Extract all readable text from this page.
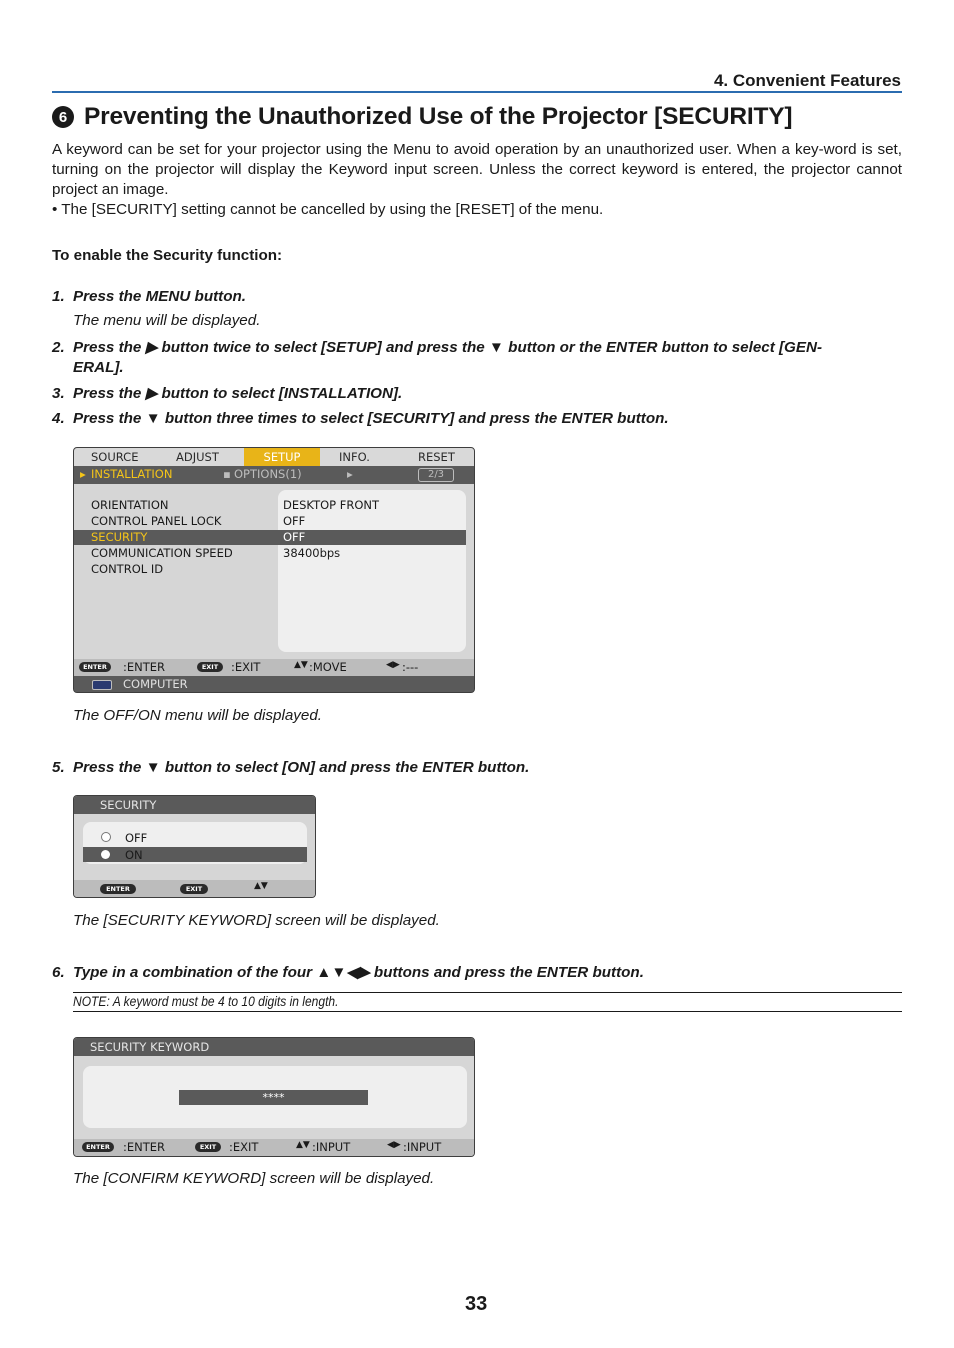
4. Convenient Features
6 Preventing the Unauthorized Use of the Projector [SECURITY]
A keyword can be set for your projector using the Menu to avoid operation by an unauthorized user. When a key-word is set, turning on the projector will display the Keyword input screen. Unless the correct keyword is entered, the projector cannot project an image.
• The [SECURITY] setting cannot be cancelled by using the [RESET] of the menu.
To enable the Security function:
1. Press the MENU button.
The menu will be displayed.
2. Press the ▶ button twice to select [SETUP] and press the ▼ button or the ENTER button to select [GEN-
ERAL].
3. Press the ▶ button to select [INSTALLATION].
4. Press the ▼ button three times to select [SECURITY] and press the ENTER button.
SOURCE	ADJUST	SETUP	INFO.	RESET
▸ INSTALLATION	▪ OPTIONS(1)	▸	2/3
ORIENTATION	DESKTOP FRONT
CONTROL PANEL LOCK	OFF
SECURITY	OFF
COMMUNICATION SPEED	38400bps
CONTROL ID
ENTER	:ENTER	EXIT	:EXIT	▲▼ :MOVE	◀▶ :---
COMPUTER
The OFF/ON menu will be displayed.
5. Press the ▼ button to select [ON] and press the ENTER button.
SECURITY
OFF
ON
ENTER	EXIT	▲▼
The [SECURITY KEYWORD] screen will be displayed.
6. Type in a combination of the four ▲▼◀▶ buttons and press the ENTER button.
NOTE: A keyword must be 4 to 10 digits in length.
SECURITY KEYWORD
****
ENTER	:ENTER	EXIT	:EXIT	▲▼ :INPUT	◀▶ :INPUT
The [CONFIRM KEYWORD] screen will be displayed.
33
